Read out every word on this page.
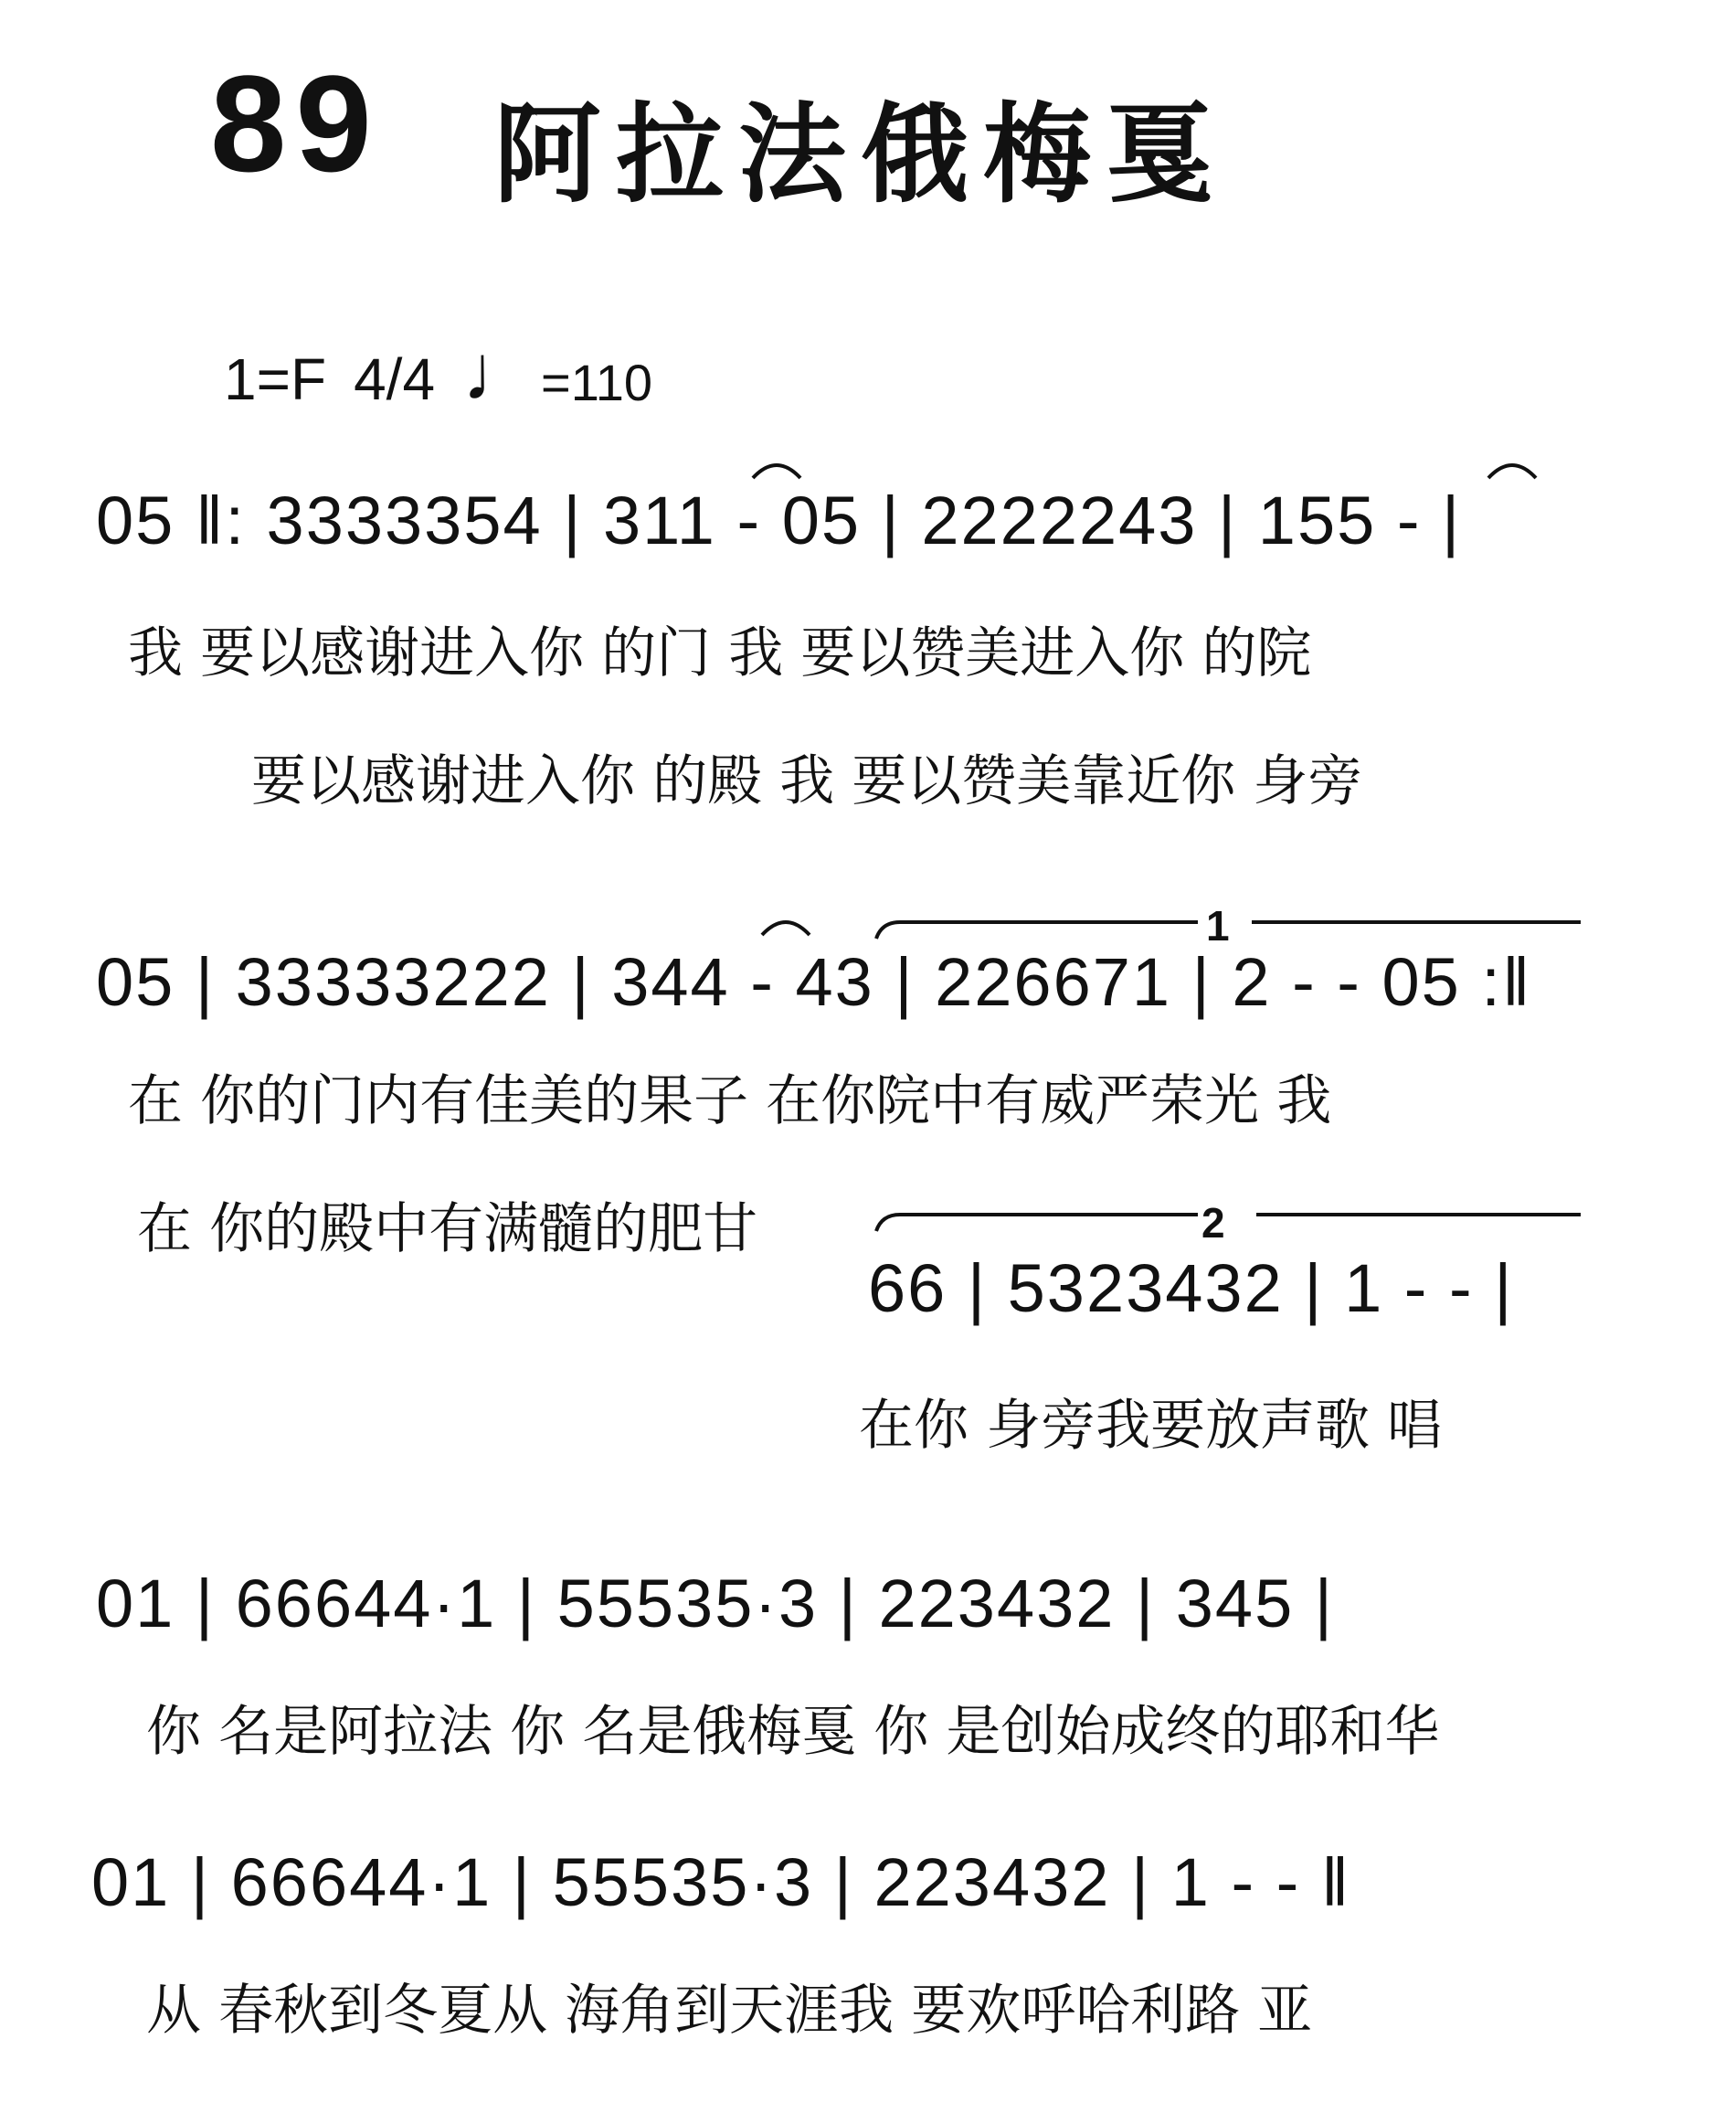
89 阿拉法俄梅戛
1=F 4/4 ♩ =110
05 ‖: 3333354 | 311 - 05 | 2222243 | 155 - |
我 要以感谢进入你 的门 我 要以赞美进入你 的院
要以感谢进入你 的殿 我 要以赞美靠近你 身旁
1
05 | 33333222 | 344 - 43 | 226671 | 2 - - 05 :‖
在 你的门内有佳美的果子 在你院中有威严荣光 我
在 你的殿中有满髓的肥甘	2
66 | 5323432 | 1 - - |
在你 身旁我要放声歌 唱
01 | 66644·1 | 55535·3 | 223432 | 345 |
你 名是阿拉法 你 名是俄梅戛 你 是创始成终的耶和华
01 | 66644·1 | 55535·3 | 223432 | 1 - - ‖
从 春秋到冬夏从 海角到天涯我 要欢呼哈利路 亚
